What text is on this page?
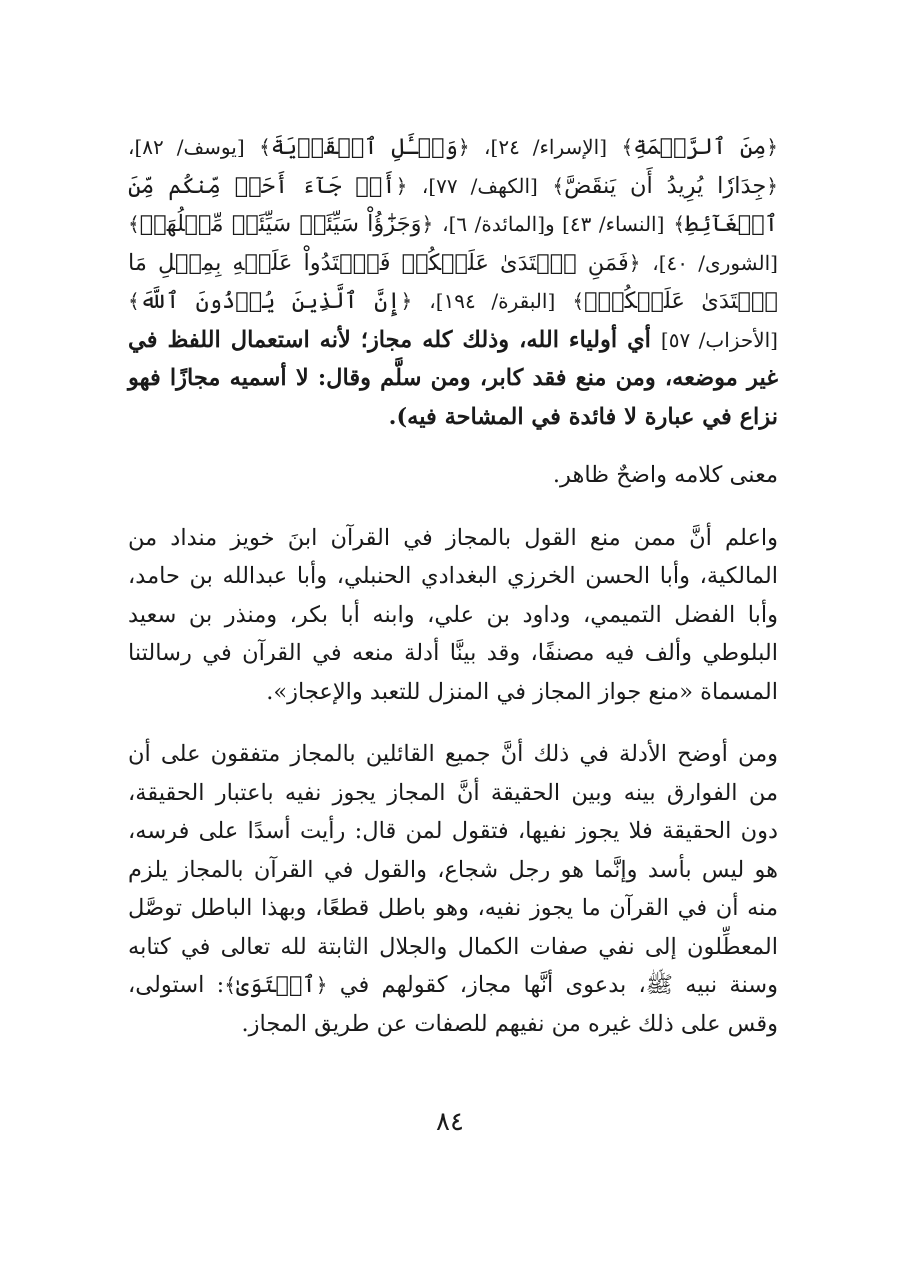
﴿مِنَ ٱلرَّحۡمَةِ﴾ [الإسراء/ ٢٤]، ﴿وَسۡـَٔلِ ٱلۡقَرۡيَةَ﴾ [يوسف/ ٨٢]، ﴿جِدَارٗا يُرِيدُ أَن يَنقَضَّ﴾ [الكهف/ ٧٧]، ﴿أَوۡ جَآءَ أَحَدٞ مِّنكُم مِّنَ ٱلۡغَآئِطِ﴾ [النساء/ ٤٣] و[المائدة/ ٦]، ﴿وَجَزَٰٓؤُاْ سَيِّئَةٖ سَيِّئَةٞ مِّثۡلُهَاۖ﴾ [الشورى/ ٤٠]، ﴿فَمَنِ ٱعۡتَدَىٰ عَلَيۡكُمۡ فَٱعۡتَدُواْ عَلَيۡهِ بِمِثۡلِ مَا ٱعۡتَدَىٰ عَلَيۡكُمۡۚ﴾ [البقرة/ ١٩٤]، ﴿إِنَّ ٱلَّذِينَ يُؤۡذُونَ ٱللَّهَ﴾ [الأحزاب/ ٥٧] أي أولياء الله، وذلك كله مجاز؛ لأنه استعمال اللفظ في غير موضعه، ومن منع فقد كابر، ومن سلَّم وقال: لا أسميه مجازًا فهو نزاع في عبارة لا فائدة في المشاحة فيه).

معنى كلامه واضحٌ ظاهر.

واعلم أنَّ ممن منع القول بالمجاز في القرآن ابنَ خويز منداد من المالكية، وأبا الحسن الخرزي البغدادي الحنبلي، وأبا عبدالله بن حامد، وأبا الفضل التميمي، وداود بن علي، وابنه أبا بكر، ومنذر بن سعيد البلوطي وألف فيه مصنفًا، وقد بينَّا أدلة منعه في القرآن في رسالتنا المسماة «منع جواز المجاز في المنزل للتعبد والإعجاز».

ومن أوضح الأدلة في ذلك أنَّ جميع القائلين بالمجاز متفقون على أن من الفوارق بينه وبين الحقيقة أنَّ المجاز يجوز نفيه باعتبار الحقيقة، دون الحقيقة فلا يجوز نفيها، فتقول لمن قال: رأيت أسدًا على فرسه، هو ليس بأسد وإنَّما هو رجل شجاع، والقول في القرآن بالمجاز يلزم منه أن في القرآن ما يجوز نفيه، وهو باطل قطعًا، وبهذا الباطل توصَّل المعطِّلون إلى نفي صفات الكمال والجلال الثابتة لله تعالى في كتابه وسنة نبيه ﷺ، بدعوى أنَّها مجاز، كقولهم في ﴿ٱسۡتَوَىٰ﴾: استولى، وقس على ذلك غيره من نفيهم للصفات عن طريق المجاز.

٨٤
